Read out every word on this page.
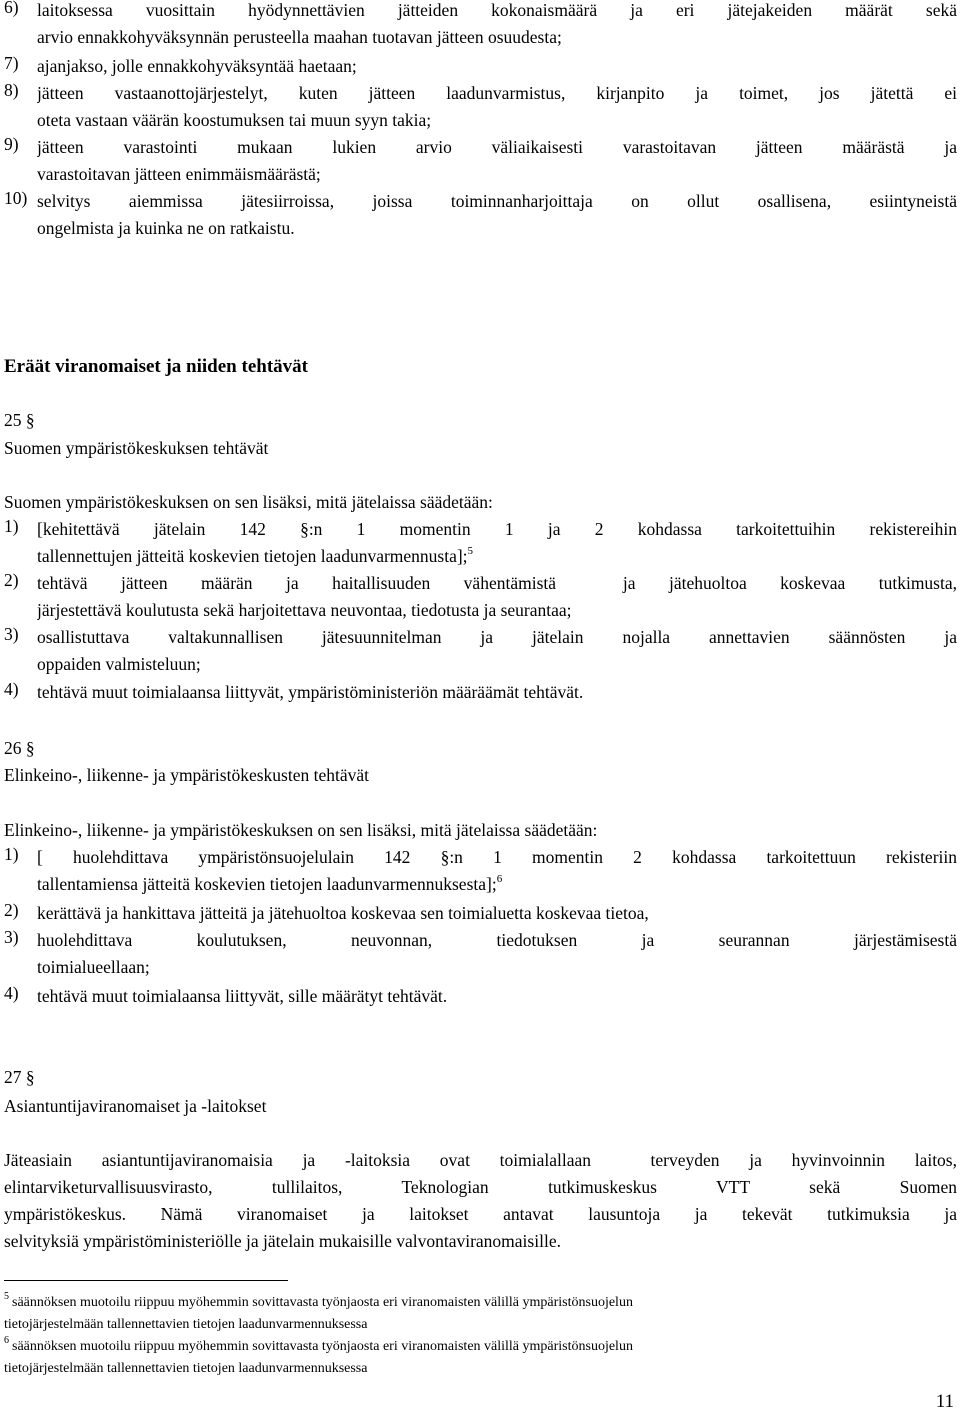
6)	laitoksessa vuosittain hyödynnettävien jätteiden kokonaismäärä ja eri jätejakeiden määrät sekä
arvio ennakkohyväksynnän perusteella maahan tuotavan jätteen osuudesta;
7)	ajanjakso, jolle ennakkohyväksyntää haetaan;
8)	jätteen vastaanottojärjestelyt, kuten jätteen laadunvarmistus, kirjanpito ja toimet, jos jätettä ei
oteta vastaan väärän koostumuksen tai muun syyn takia;
9)	jätteen varastointi mukaan lukien arvio väliaikaisesti varastoitavan jätteen määrästä ja
varastoitavan jätteen enimmäismäärästä;
10) selvitys aiemmissa jätesiirroissa, joissa toiminnanharjoittaja on ollut osallisena, esiintyneistä
ongelmista ja kuinka ne on ratkaistu.
Eräät viranomaiset ja niiden tehtävät
25 §
Suomen ympäristökeskuksen tehtävät
Suomen ympäristökeskuksen on sen lisäksi, mitä jätelaissa säädetään:
1)	[kehitettävä jätelain 142 §:n 1 momentin 1 ja 2 kohdassa tarkoitettuihin rekistereihin
tallennettujen jätteitä koskevien tietojen laadunvarmennusta];$^5$
2)	tehtävä jätteen määrän ja haitallisuuden vähentämistä  ja jätehuoltoa koskevaa tutkimusta,
järjestettävä koulutusta sekä harjoitettava neuvontaa, tiedotusta ja seurantaa;
3)	osallistuttava valtakunnallisen jätesuunnitelman ja jätelain nojalla annettavien säännösten ja
oppaiden valmisteluun;
4)	tehtävä muut toimialaansa liittyvät, ympäristöministeriön määräämät tehtävät.
26 §
Elinkeino-, liikenne- ja ympäristökeskusten tehtävät
Elinkeino-, liikenne- ja ympäristökeskuksen on sen lisäksi, mitä jätelaissa säädetään:
1)	[ huolehdittava ympäristönsuojelulain 142 §:n 1 momentin 2 kohdassa tarkoitettuun rekisteriin
tallentamiensa jätteitä koskevien tietojen laadunvarmennuksesta];$^6$
2)	kerättävä ja hankittava jätteitä ja jätehuoltoa koskevaa sen toimialuetta koskevaa tietoa,
3)	huolehdittava koulutuksen, neuvonnan, tiedotuksen ja seurannan järjestämisestä
toimialueellaan;
4)	tehtävä muut toimialaansa liittyvät, sille määrätyt tehtävät.
27 §
Asiantuntijaviranomaiset ja -laitokset
Jäteasiain asiantuntijaviranomaisia ja -laitoksia ovat toimialallaan  terveyden ja hyvinvoinnin laitos,
elintarviketurvallisuusvirasto, tullilaitos, Teknologian tutkimuskeskus VTT sekä Suomen
ympäristökeskus. Nämä viranomaiset ja laitokset antavat lausuntoja ja tekevät tutkimuksia ja
selvityksiä ympäristöministeriölle ja jätelain mukaisille valvontaviranomaisille.
$^5$ säännöksen muotoilu riippuu myöhemmin sovittavasta työnjaosta eri viranomaisten välillä ympäristönsuojelun
tietojärjestelmään tallennettavien tietojen laadunvarmennuksessa
$^6$ säännöksen muotoilu riippuu myöhemmin sovittavasta työnjaosta eri viranomaisten välillä ympäristönsuojelun
tietojärjestelmään tallennettavien tietojen laadunvarmennuksessa
11
